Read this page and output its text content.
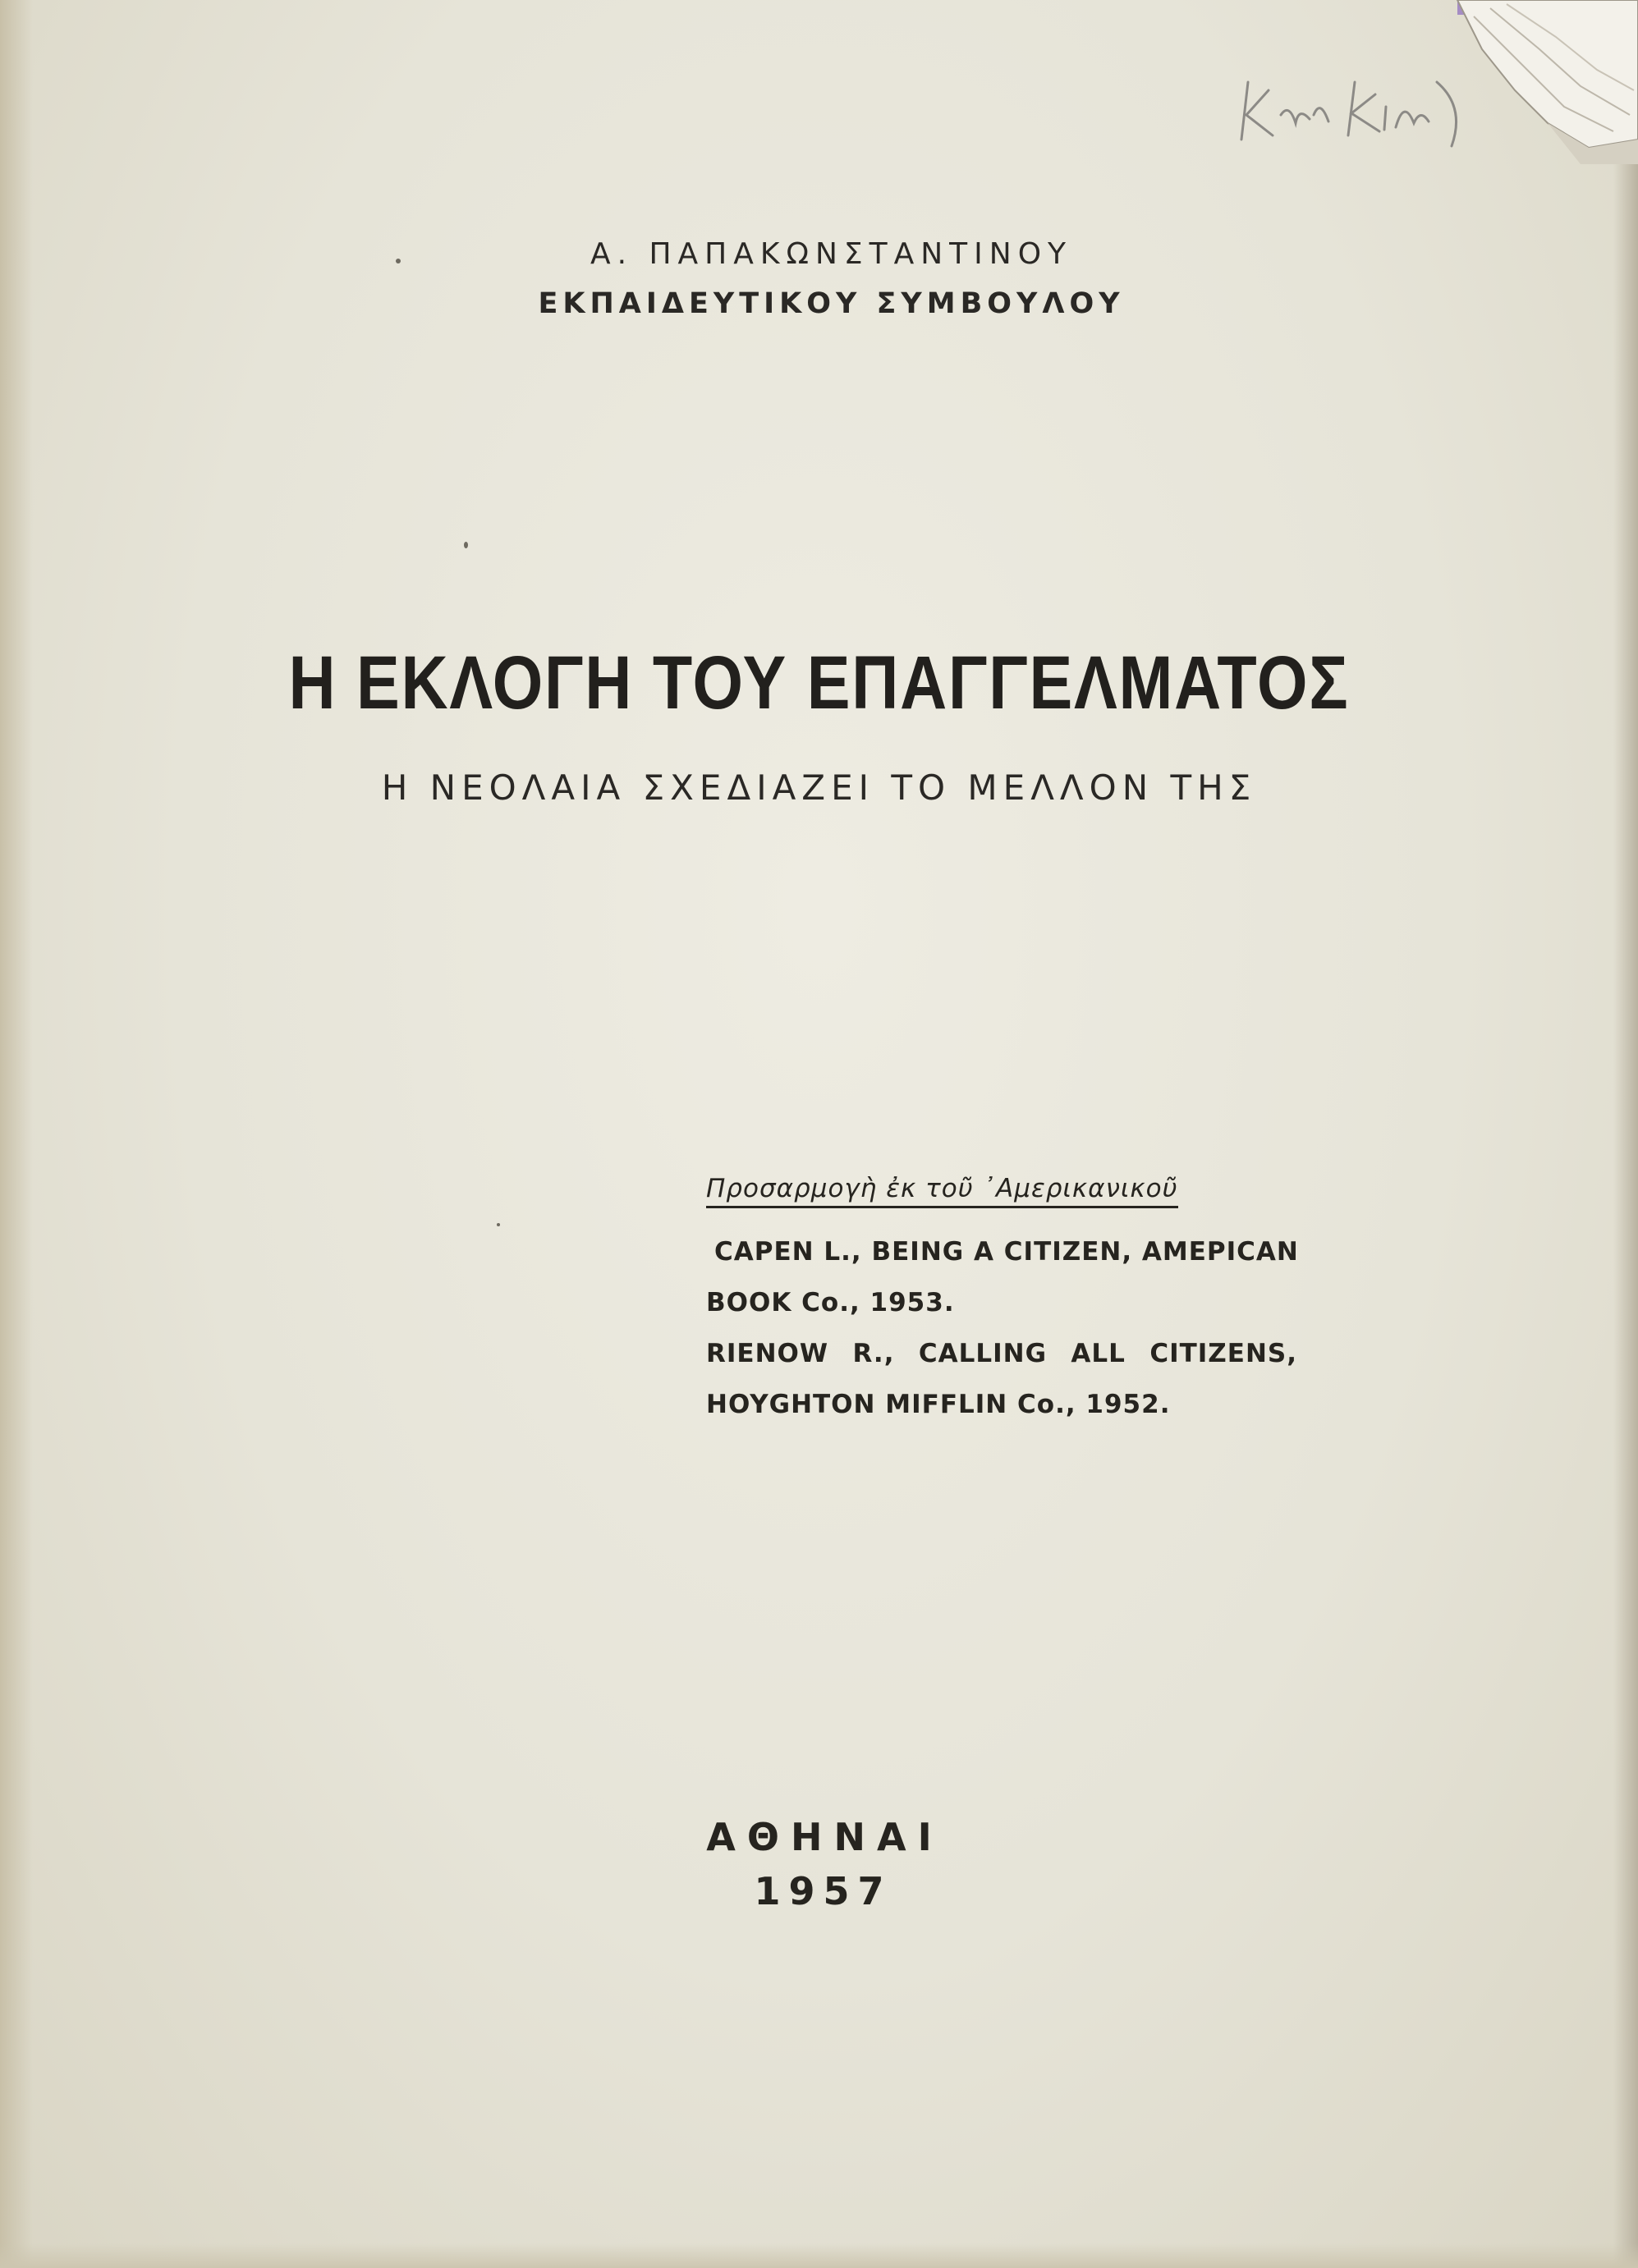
Α. ΠΑΠΑΚΩΝΣΤΑΝΤΙΝΟΥ
ΕΚΠΑΙΔΕΥΤΙΚΟΥ ΣΥΜΒΟΥΛΟΥ
Η ΕΚΛΟΓΗ ΤΟΥ ΕΠΑΓΓΕΛΜΑΤΟΣ
Η ΝΕΟΛΑΙΑ ΣΧΕΔΙΑΖΕΙ ΤΟ ΜΕΛΛΟΝ ΤΗΣ
Προσαρμογὴ ἐκ τοῦ ᾿Αμερικανικοῦ
CAPEN L., BEING A CITIZEN, AMEPICAN
BOOK Co., 1953.
RIENOW R., CALLING ALL CITIZENS,
HOYGHTON MIFFLIN Co., 1952.
ΑΘΗΝΑΙ
1957
